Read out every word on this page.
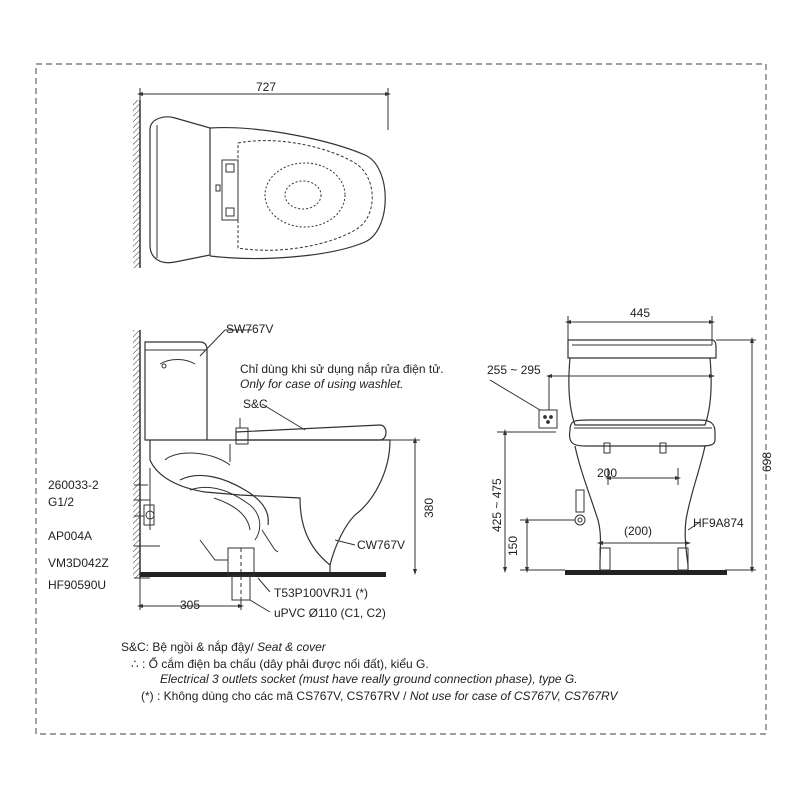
727
SW767V
Chỉ dùng khi sử dụng nắp rửa điện tử.
Only for case of using washlet.
S&C
260033-2
G1/2
AP004A
VM3D042Z
HF90590U
380
CW767V
T53P100VRJ1 (*)
uPVC Ø110 (C1, C2)
305
445
255 ~ 295
698
425 ~ 475
200
(200)
150
HF9A874
S&C: Bệ ngồi & nắp đậy/ Seat & cover
∴ : Ổ cắm điện ba chấu (dây phải được nối đất), kiểu G.
Electrical 3 outlets socket (must have really ground connection phase), type G.
(*) : Không dùng cho các mã CS767V, CS767RV / Not use for case of CS767V, CS767RV
